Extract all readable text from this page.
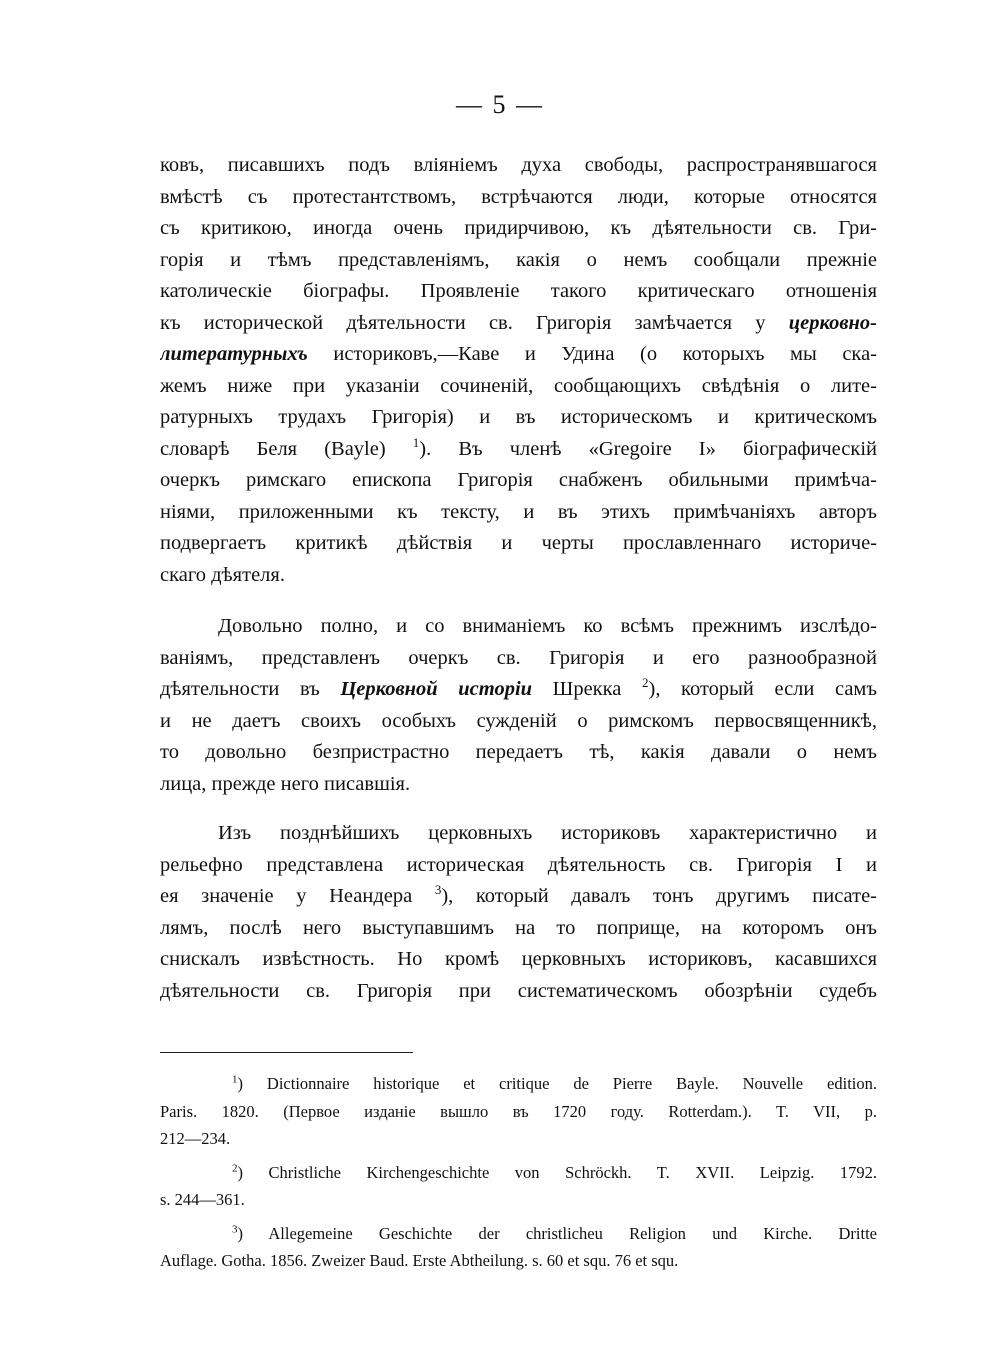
— 5 —
ковъ, писавшихъ подъ вліяніемъ духа свободы, распространявшагося
вмѣстѣ съ протестантствомъ, встрѣчаются люди, которые относятся
съ критикою, иногда очень придирчивою, къ дѣятельности св. Гри-
горія и тѣмъ представленіямъ, какія о немъ сообщали прежніе
католическіе біографы. Проявленіе такого критическаго отношенія
къ исторической дѣятельности св. Григорія замѣчается у церковно-
литературныхъ историковъ,—Каве и Удина (о которыхъ мы ска-
жемъ ниже при указаніи сочиненій, сообщающихъ свѣдѣнія о лите-
ратурныхъ трудахъ Григорія) и въ историческомъ и критическомъ
словарѣ Беля (Bayle) $^1$). Въ членѣ «Gregoire I» біографическій
очеркъ римскаго епископа Григорія снабженъ обильными примѣча-
ніями, приложенными къ тексту, и въ этихъ примѣчаніяхъ авторъ
подвергаетъ критикѣ дѣйствія и черты прославленнаго историче-
скаго дѣятеля.
Довольно полно, и со вниманіемъ ко всѣмъ прежнимъ изслѣдо-
ваніямъ, представленъ очеркъ св. Григорія и его разнообразной
дѣятельности въ Церковной исторіи Шрекка $^2$), который если самъ
и не даетъ своихъ особыхъ сужденій о римскомъ первосвященникѣ,
то довольно безпристрастно передаетъ тѣ, какія давали о немъ
лица, прежде него писавшія.
Изъ позднѣйшихъ церковныхъ историковъ характеристично и
рельефно представлена историческая дѣятельность св. Григорія I и
ея значеніе у Неандера $^3$), который давалъ тонъ другимъ писате-
лямъ, послѣ него выступавшимъ на то поприще, на которомъ онъ
снискалъ извѣстность. Но кромѣ церковныхъ историковъ, касавшихся
дѣятельности св. Григорія при систематическомъ обозрѣніи судебъ
$^1$) Dictionnaire historique et critique de Pierre Bayle. Nouvelle edition.
Paris. 1820. (Первое изданіе вышло въ 1720 году. Rotterdam.). T. VII, p.
212—234.
$^2$) Christliche Kirchengeschichte von Schröckh. T. XVII. Leipzig. 1792.
s. 244—361.
$^3$) Allegemeine Geschichte der christlicheu Religion und Kirche. Dritte
Auflage. Gotha. 1856. Zweizer Baud. Erste Abtheilung. s. 60 et squ. 76 et squ.
